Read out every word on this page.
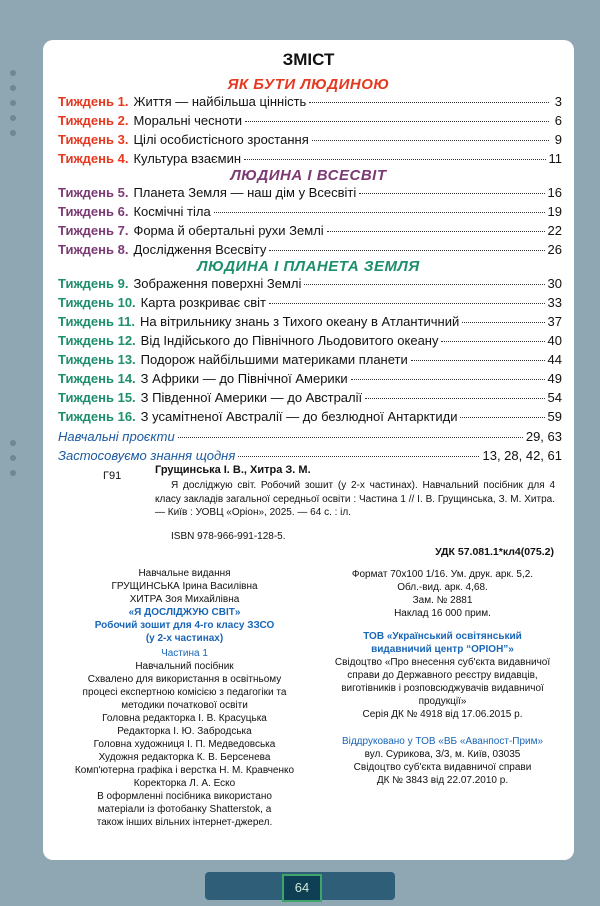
ЗМІСТ
ЯК БУТИ ЛЮДИНОЮ
Тиждень 1. Життя — найбільша цінність	3
Тиждень 2. Моральні чесноти	6
Тиждень 3. Цілі особистісного зростання	9
Тиждень 4. Культура взаємин	11
ЛЮДИНА І ВСЕСВІТ
Тиждень 5. Планета Земля — наш дім у Всесвіті	16
Тиждень 6. Космічні тіла	19
Тиждень 7. Форма й обертальні рухи Землі	22
Тиждень 8. Дослідження Всесвіту	26
ЛЮДИНА І ПЛАНЕТА ЗЕМЛЯ
Тиждень 9. Зображення поверхні Землі	30
Тиждень 10. Карта розкриває світ	33
Тиждень 11. На вітрильнику знань з Тихого океану в Атлантичний	37
Тиждень 12. Від Індійського до Північного Льодовитого океану	40
Тиждень 13. Подорож найбільшими материками планети	44
Тиждень 14. З Африки — до Північної Америки	49
Тиждень 15. З Південної Америки — до Австралії	54
Тиждень 16. З усамітненої Австралії — до безлюдної Антарктиди	59
Навчальні проєкти	29, 63
Застосовуємо знання щодня	13, 28, 42, 61
Г91	Грущинська І. В., Хитра З. М.
Я досліджую світ. Робочий зошит (у 2-х частинах). Навчальний посібник для 4 класу закладів загальної середньої освіти : Частина 1 // І. В. Грущинська, З. М. Хитра. — Київ : УОВЦ «Оріон», 2025. — 64 с. : іл.
ISBN 978-966-991-128-5.
УДК 57.081.1*кл4(075.2)
Навчальне видання
ГРУЩИНСЬКА Ірина Василівна
ХИТРА Зоя Михайлівна
«Я ДОСЛІДЖУЮ СВІТ»
Робочий зошит для 4-го класу ЗЗСО
(у 2-х частинах)
Частина 1
Навчальний посібник
Схвалено для використання в освітньому процесі експертною комісією з педагогіки та методики початкової освіти
Головна редакторка І. В. Красуцька
Редакторка І. Ю. Забродська
Головна художниця І. П. Медведовська
Художня редакторка К. В. Берсенева
Комп'ютерна графіка і верстка Н. М. Кравченко
Коректорка Л. А. Еско
В оформленні посібника використано матеріали із фотобанку Shatterstok, а також інших вільних інтернет-джерел.
Формат 70x100 1/16. Ум. друк. арк. 5,2.
Обл.-вид. арк. 4,68.
Зам. № 2881
Наклад 16 000 прим.
ТОВ «Український освітянський видавничий центр “ОРІОН”»
Свідоцтво «Про внесення суб'єкта видавничої справи до Державного реєстру видавців, виготівників і розповсюджувачів видавничої продукції»
Серія ДК № 4918 від 17.06.2015 р.
Віддруковано у ТОВ «ВБ «Аванпост-Прим»
вул. Сурикова, 3/3, м. Київ, 03035
Свідоцтво суб'єкта видавничої справи
ДК № 3843 від 22.07.2010 р.
64
